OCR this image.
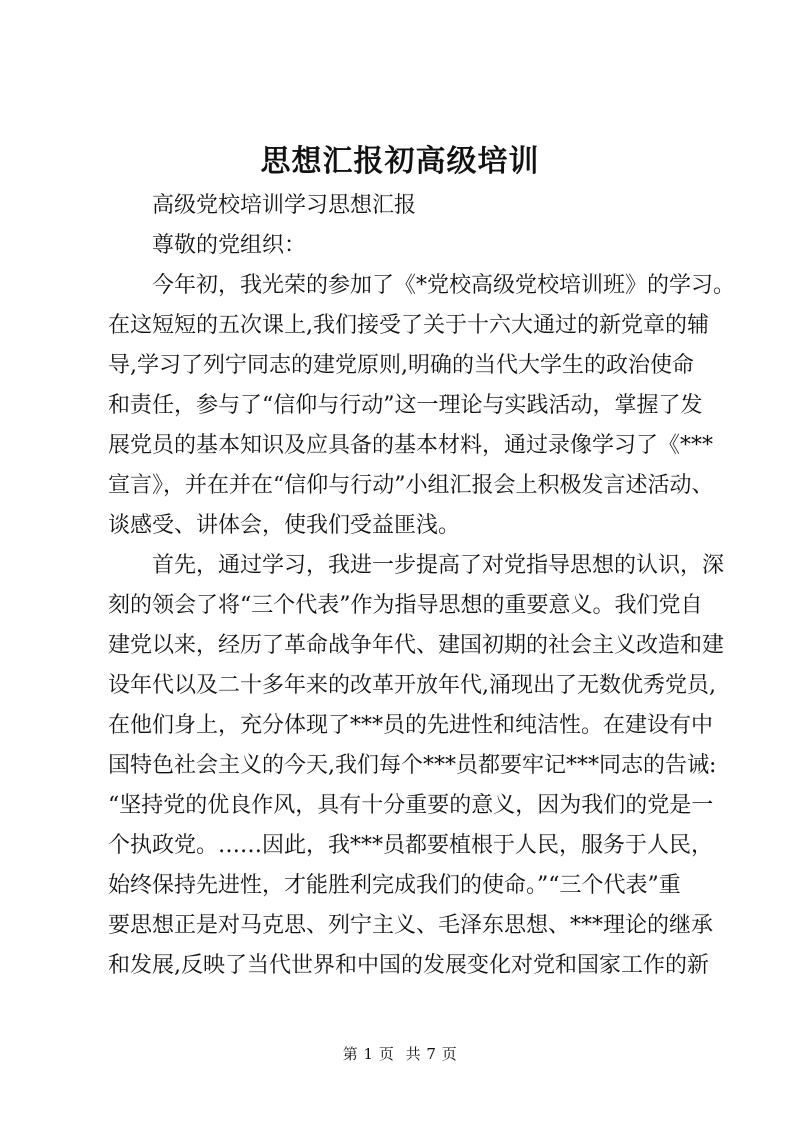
思想汇报初高级培训
高级党校培训学习思想汇报
尊敬的党组织：
今年初，我光荣的参加了《*党校高级党校培训班》的学习。
在这短短的五次课上,我们接受了关于十六大通过的新党章的辅
导,学习了列宁同志的建党原则,明确的当代大学生的政治使命
和责任，参与了“信仰与行动”这一理论与实践活动，掌握了发
展党员的基本知识及应具备的基本材料，通过录像学习了《***
宣言》，并在并在“信仰与行动”小组汇报会上积极发言述活动、
谈感受、讲体会，使我们受益匪浅。
首先，通过学习，我进一步提高了对党指导思想的认识，深
刻的领会了将“三个代表”作为指导思想的重要意义。我们党自
建党以来，经历了革命战争年代、建国初期的社会主义改造和建
设年代以及二十多年来的改革开放年代,涌现出了无数优秀党员,
在他们身上，充分体现了***员的先进性和纯洁性。在建设有中
国特色社会主义的今天,我们每个***员都要牢记***同志的告诫:
“坚持党的优良作风，具有十分重要的意义，因为我们的党是一
个执政党。……因此，我***员都要植根于人民，服务于人民，
始终保持先进性，才能胜利完成我们的使命。”“三个代表”重
要思想正是对马克思、列宁主义、毛泽东思想、***理论的继承
和发展,反映了当代世界和中国的发展变化对党和国家工作的新
第 1 页 共 7 页
